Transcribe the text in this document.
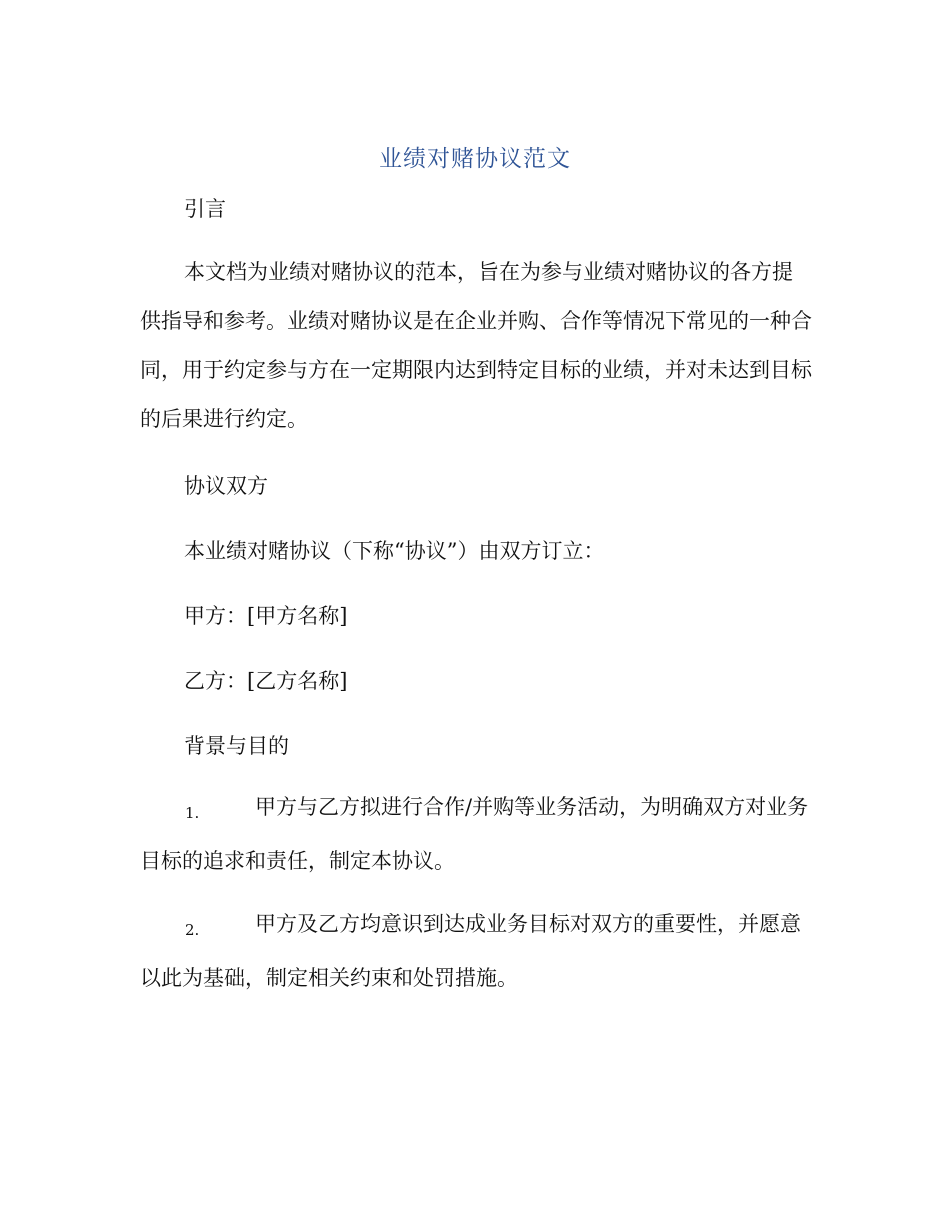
业绩对赌协议范文

引言

本文档为业绩对赌协议的范本，旨在为参与业绩对赌协议的各方提供指导和参考。业绩对赌协议是在企业并购、合作等情况下常见的一种合同，用于约定参与方在一定期限内达到特定目标的业绩，并对未达到目标的后果进行约定。

协议双方

本业绩对赌协议（下称“协议”）由双方订立：

甲方：[甲方名称]

乙方：[乙方名称]

背景与目的

1.	甲方与乙方拟进行合作/并购等业务活动，为明确双方对业务目标的追求和责任，制定本协议。
2.	甲方及乙方均意识到达成业务目标对双方的重要性，并愿意以此为基础，制定相关约束和处罚措施。
